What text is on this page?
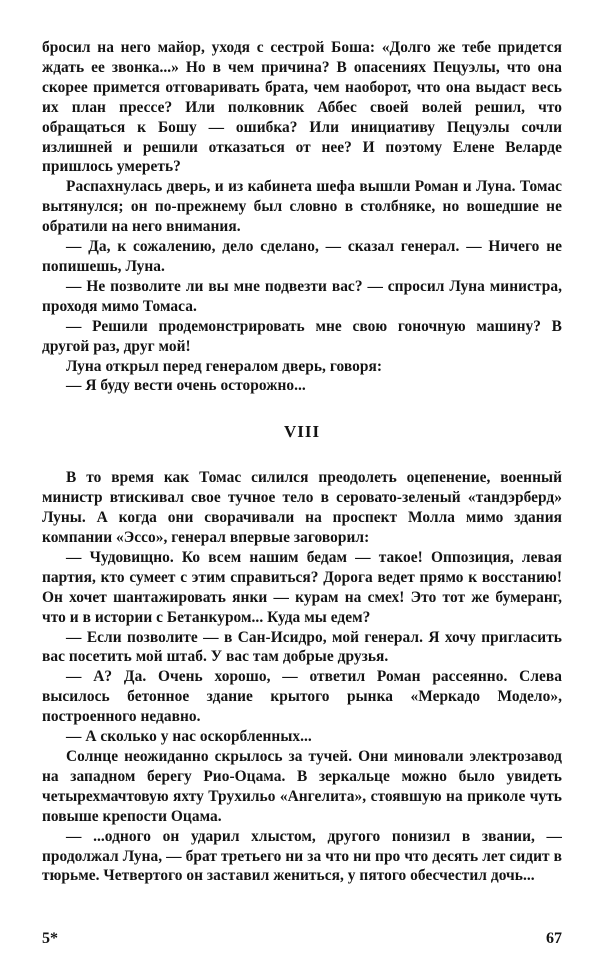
бросил на него майор, уходя с сестрой Боша: «Долго же тебе придется ждать ее звонка...» Но в чем причина? В опасениях Пецуэлы, что она скорее примется отговаривать брата, чем наоборот, что она выдаст весь их план прессе? Или полковник Аббес своей волей решил, что обращаться к Бошу — ошибка? Или инициативу Пецуэлы сочли излишней и решили отказаться от нее? И поэтому Елене Веларде пришлось умереть?

Распахнулась дверь, и из кабинета шефа вышли Роман и Луна. Томас вытянулся; он по-прежнему был словно в столбняке, но вошедшие не обратили на него внимания.

— Да, к сожалению, дело сделано, — сказал генерал. — Ничего не попишешь, Луна.

— Не позволите ли вы мне подвезти вас? — спросил Луна министра, проходя мимо Томаса.

— Решили продемонстрировать мне свою гоночную машину? В другой раз, друг мой!

Луна открыл перед генералом дверь, говоря:

— Я буду вести очень осторожно...

VIII

В то время как Томас силился преодолеть оцепенение, военный министр втискивал свое тучное тело в серовато-зеленый «тандэрберд» Луны. А когда они сворачивали на проспект Молла мимо здания компании «Эссо», генерал впервые заговорил:

— Чудовищно. Ко всем нашим бедам — такое! Оппозиция, левая партия, кто сумеет с этим справиться? Дорога ведет прямо к восстанию! Он хочет шантажировать янки — курам на смех! Это тот же бумеранг, что и в истории с Бетанкуром... Куда мы едем?

— Если позволите — в Сан-Исидро, мой генерал. Я хочу пригласить вас посетить мой штаб. У вас там добрые друзья.

— А? Да. Очень хорошо, — ответил Роман рассеянно. Слева высилось бетонное здание крытого рынка «Меркадо Модело», построенного недавно.

— А сколько у нас оскорбленных...

Солнце неожиданно скрылось за тучей. Они миновали электрозавод на западном берегу Рио-Оцама. В зеркальце можно было увидеть четырехмачтовую яхту Трухильо «Ангелита», стоявшую на приколе чуть повыше крепости Оцама.

— ...одного он ударил хлыстом, другого понизил в звании, — продолжал Луна, — брат третьего ни за что ни про что десять лет сидит в тюрьме. Четвертого он заставил жениться, у пятого обесчестил дочь...

5*	67
